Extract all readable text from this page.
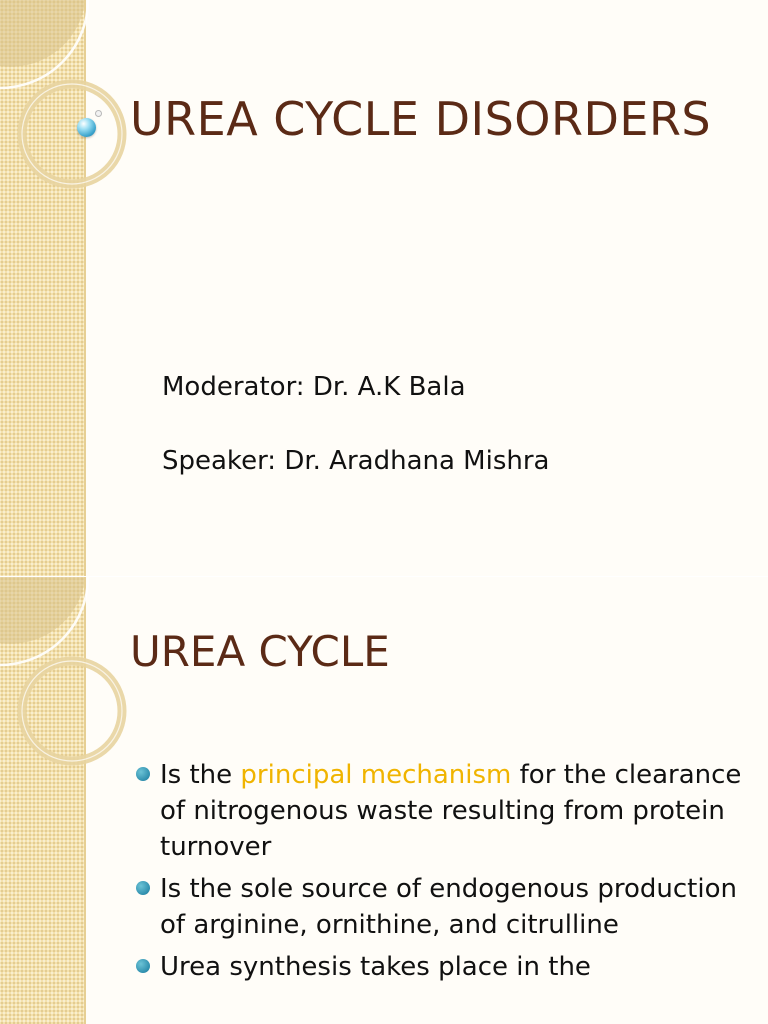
UREA CYCLE DISORDERS
Moderator: Dr. A.K Bala
Speaker: Dr. Aradhana Mishra
UREA CYCLE
Is the principal mechanism for the clearance of nitrogenous waste resulting from protein turnover
Is the sole source of endogenous production of arginine, ornithine, and citrulline
Urea synthesis takes place in the
